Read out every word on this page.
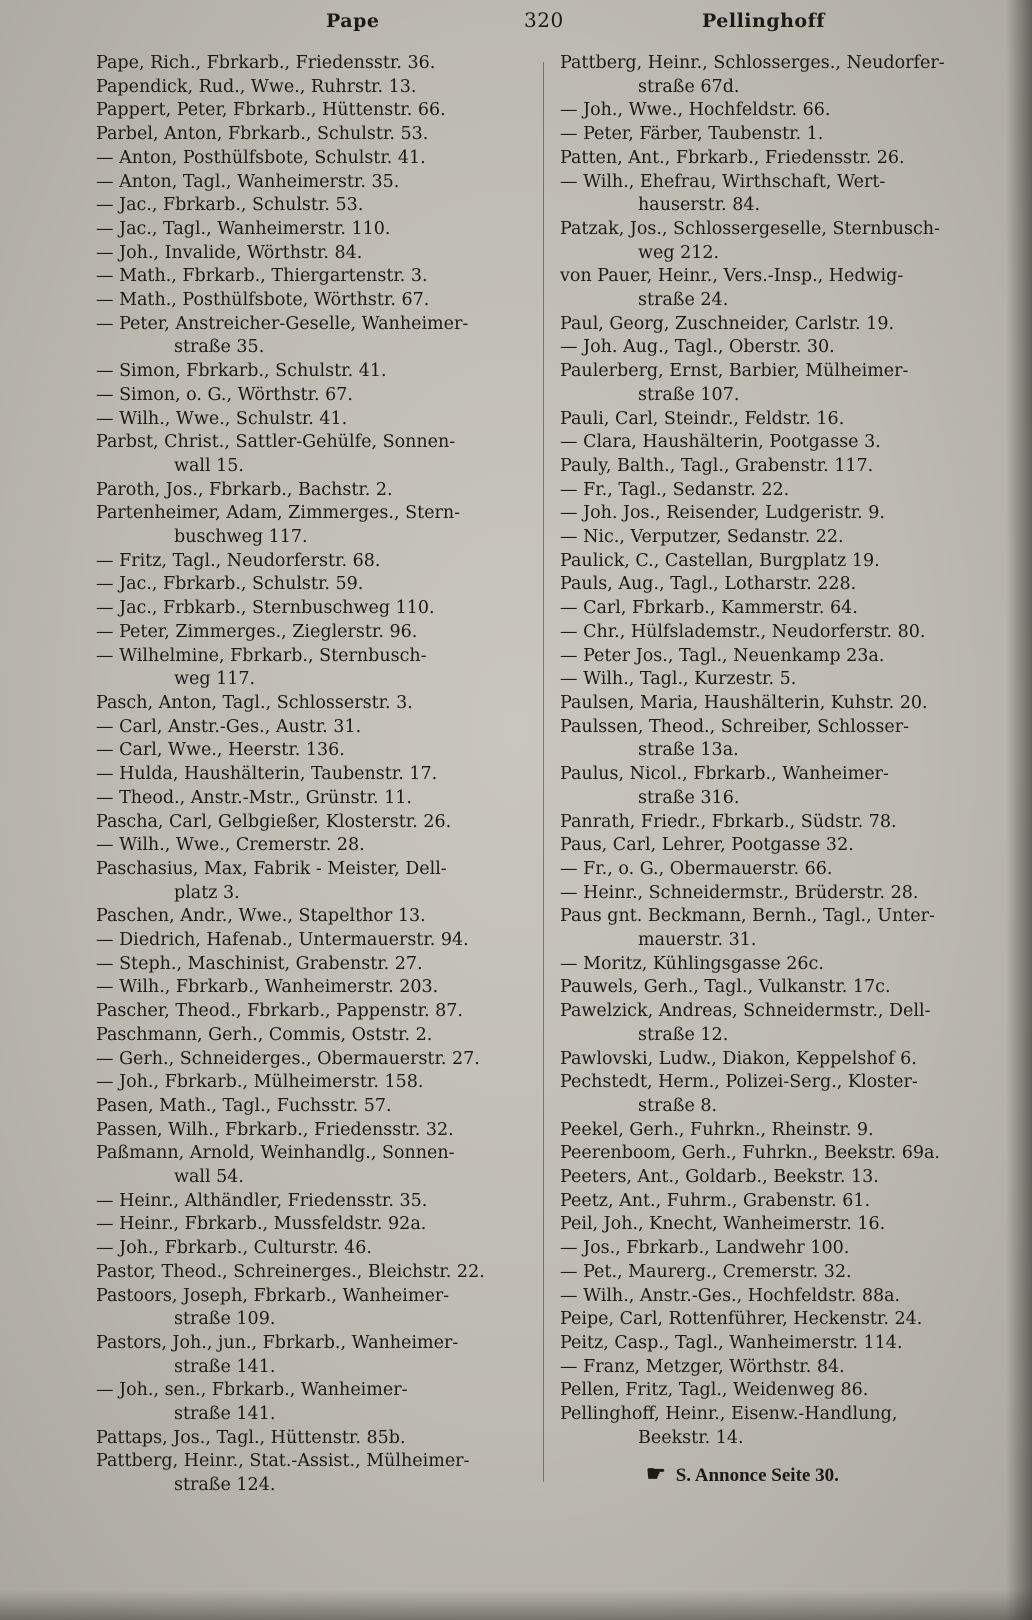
Pape	320	Pellinghoff
Pape, Rich., Fbrkarb., Friedensstr. 36.
Papendick, Rud., Wwe., Ruhrstr. 13.
Pappert, Peter, Fbrkarb., Hüttenstr. 66.
Parbel, Anton, Fbrkarb., Schulstr. 53.
— Anton, Posthülfsbote, Schulstr. 41.
— Anton, Tagl., Wanheimerstr. 35.
— Jac., Fbrkarb., Schulstr. 53.
— Jac., Tagl., Wanheimerstr. 110.
— Joh., Invalide, Wörthstr. 84.
— Math., Fbrkarb., Thiergartenstr. 3.
— Math., Posthülfsbote, Wörthstr. 67.
— Peter, Anstreicher-Gesellе, Wanheimer-
straße 35.
— Simon, Fbrkarb., Schulstr. 41.
— Simon, o. G., Wörthstr. 67.
— Wilh., Wwe., Schulstr. 41.
Parbst, Christ., Sattler-Gehülfe, Sonnen-
wall 15.
Paroth, Jos., Fbrkarb., Bachstr. 2.
Partenheimer, Adam, Zimmerges., Stern-
buschweg 117.
— Fritz, Tagl., Neudorferstr. 68.
— Jac., Fbrkarb., Schulstr. 59.
— Jac., Frbkarb., Sternbuschweg 110.
— Peter, Zimmerges., Zieglerstr. 96.
— Wilhelmine, Fbrkarb., Sternbusch-
weg 117.
Pasch, Anton, Tagl., Schlosserstr. 3.
— Carl, Anstr.-Ges., Austr. 31.
— Carl, Wwe., Heerstr. 136.
— Hulda, Haushälterin, Taubenstr. 17.
— Theod., Anstr.-Mstr., Grünstr. 11.
Pascha, Carl, Gelbgießer, Klosterstr. 26.
— Wilh., Wwe., Cremerstr. 28.
Paschasius, Max, Fabrik - Meister, Dell-
platz 3.
Paschen, Andr., Wwe., Stapelthor 13.
— Diedrich, Hafenab., Untermauerstr. 94.
— Steph., Maschinist, Grabenstr. 27.
— Wilh., Fbrkarb., Wanheimerstr. 203.
Pascher, Theod., Fbrkarb., Pappenstr. 87.
Paschmann, Gerh., Commis, Oststr. 2.
— Gerh., Schneiderges., Obermauerstr. 27.
— Joh., Fbrkarb., Mülheimerstr. 158.
Pasen, Math., Tagl., Fuchsstr. 57.
Passen, Wilh., Fbrkarb., Friedensstr. 32.
Paßmann, Arnold, Weinhandlg., Sonnen-
wall 54.
— Heinr., Althändler, Friedensstr. 35.
— Heinr., Fbrkarb., Mussfeldstr. 92a.
— Joh., Fbrkarb., Culturstr. 46.
Pastor, Theod., Schreinerges., Bleichstr. 22.
Pastoors, Joseph, Fbrkarb., Wanheimer-
straße 109.
Pastors, Joh., jun., Fbrkarb., Wanheimer-
straße 141.
— Joh., sen., Fbrkarb., Wanheimer-
straße 141.
Pattaps, Jos., Tagl., Hüttenstr. 85b.
Pattberg, Heinr., Stat.-Assist., Mülheimer-
straße 124.
Pattberg, Heinr., Schlosserges., Neudorfer-
straße 67d.
— Joh., Wwe., Hochfeldstr. 66.
— Peter, Färber, Taubenstr. 1.
Patten, Ant., Fbrkarb., Friedensstr. 26.
— Wilh., Ehefrau, Wirthschaft, Wert-
hauserstr. 84.
Patzak, Jos., Schlossergeselle, Sternbusch-
weg 212.
von Pauer, Heinr., Vers.-Insp., Hedwig-
straße 24.
Paul, Georg, Zuschneider, Carlstr. 19.
— Joh. Aug., Tagl., Oberstr. 30.
Paulerberg, Ernst, Barbier, Mülheimer-
straße 107.
Pauli, Carl, Steindr., Feldstr. 16.
— Clara, Haushälterin, Pootgasse 3.
Pauly, Balth., Tagl., Grabenstr. 117.
— Fr., Tagl., Sedanstr. 22.
— Joh. Jos., Reisender, Ludgeristr. 9.
— Nic., Verputzer, Sedanstr. 22.
Paulick, C., Castellan, Burgplatz 19.
Pauls, Aug., Tagl., Lotharstr. 228.
— Carl, Fbrkarb., Kammerstr. 64.
— Chr., Hülfslademstr., Neudorferstr. 80.
— Peter Jos., Tagl., Neuenkamp 23a.
— Wilh., Tagl., Kurzestr. 5.
Paulsen, Maria, Haushälterin, Kuhstr. 20.
Paulssen, Theod., Schreiber, Schlosser-
straße 13a.
Paulus, Nicol., Fbrkarb., Wanheimer-
straße 316.
Panrath, Friedr., Fbrkarb., Südstr. 78.
Paus, Carl, Lehrer, Pootgasse 32.
— Fr., o. G., Obermauerstr. 66.
— Heinr., Schneidermstr., Brüderstr. 28.
Paus gnt. Beckmann, Bernh., Tagl., Unter-
mauerstr. 31.
— Moritz, Kühlingsgasse 26c.
Pauwels, Gerh., Tagl., Vulkanstr. 17c.
Pawelzick, Andreas, Schneidermstr., Dell-
straße 12.
Pawlovski, Ludw., Diakon, Keppelshof 6.
Pechstedt, Herm., Polizei-Serg., Kloster-
straße 8.
Peekel, Gerh., Fuhrkn., Rheinstr. 9.
Peerenboom, Gerh., Fuhrkn., Beekstr. 69a.
Peeters, Ant., Goldarb., Beekstr. 13.
Peetz, Ant., Fuhrm., Grabenstr. 61.
Peil, Joh., Knecht, Wanheimerstr. 16.
— Jos., Fbrkarb., Landwehr 100.
— Pet., Maurerg., Cremerstr. 32.
— Wilh., Anstr.-Ges., Hochfeldstr. 88a.
Peipe, Carl, Rottenführer, Heckenstr. 24.
Peitz, Casp., Tagl., Wanheimerstr. 114.
— Franz, Metzger, Wörthstr. 84.
Pellen, Fritz, Tagl., Weidenweg 86.
Pellinghoff, Heinr., Eisenw.-Handlung,
Beekstr. 14.
☛ S. Annonce Seite 30.
